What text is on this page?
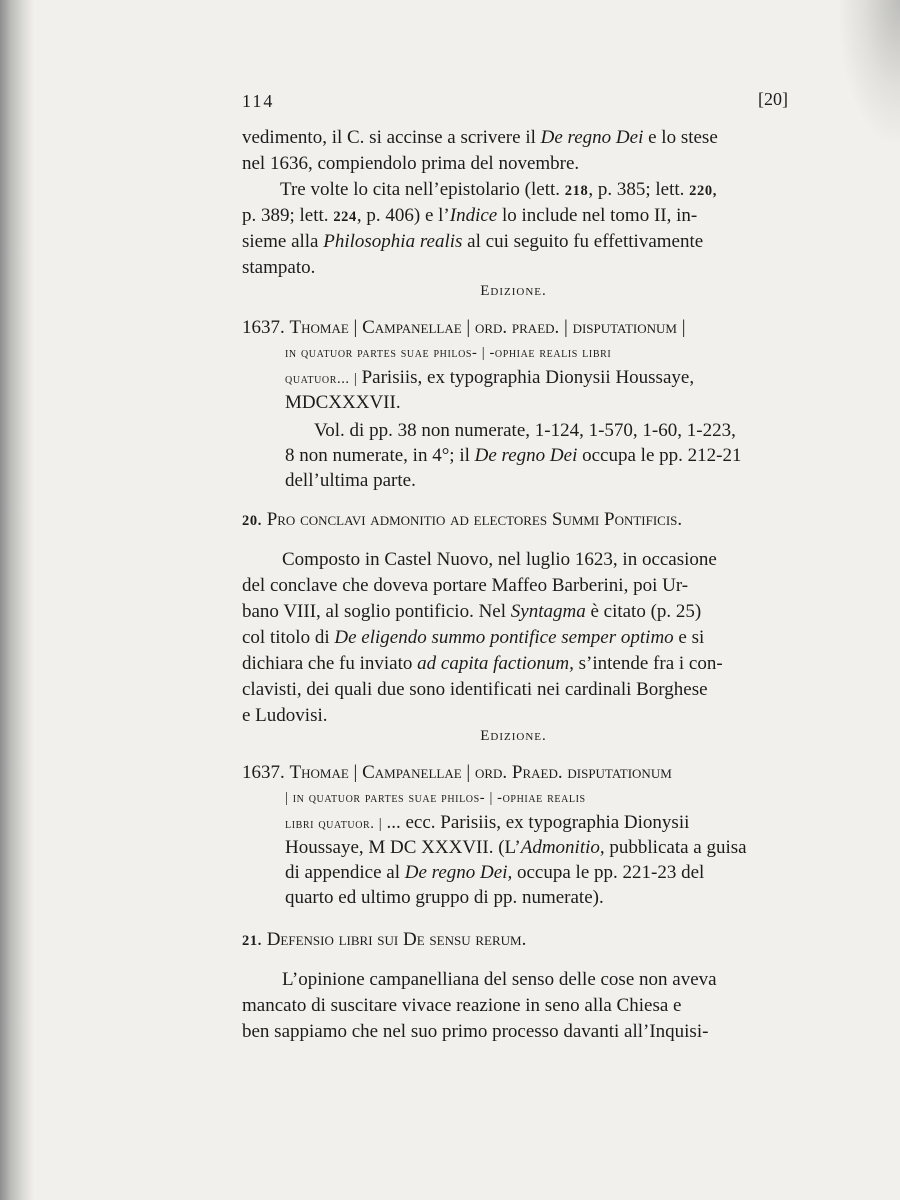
114	[20]
vedimento, il C. si accinse a scrivere il De regno Dei e lo stese
nel 1636, compiendolo prima del novembre.
Tre volte lo cita nell’epistolario (lett. 218, p. 385; lett. 220,
p. 389; lett. 224, p. 406) e l’Indice lo include nel tomo II, in-
sieme alla Philosophia realis al cui seguito fu effettivamente
stampato.
Edizione.
1637. Thomae | Campanellae | ord. praed. | disputationum |
in quatuor partes suae philos- | -ophiae realis libri
quatuor... | Parisiis, ex typographia Dionysii Houssaye,
MDCXXXVII.
Vol. di pp. 38 non numerate, 1-124, 1-570, 1-60, 1-223,
8 non numerate, in 4°; il De regno Dei occupa le pp. 212-21
dell’ultima parte.
20. Pro conclavi admonitio ad electores Summi Pontificis.
Composto in Castel Nuovo, nel luglio 1623, in occasione
del conclave che doveva portare Maffeo Barberini, poi Ur-
bano VIII, al soglio pontificio. Nel Syntagma è citato (p. 25)
col titolo di De eligendo summo pontifice semper optimo e si
dichiara che fu inviato ad capita factionum, s’intende fra i con-
clavisti, dei quali due sono identificati nei cardinali Borghese
e Ludovisi.
Edizione.
1637. Thomae | Campanellae | ord. Praed. disputationum
| in quatuor partes suae philos- | -ophiae realis
libri quatuor. | ... ecc. Parisiis, ex typographia Dionysii
Houssaye, M DC XXXVII. (L’Admonitio, pubblicata a guisa
di appendice al De regno Dei, occupa le pp. 221-23 del
quarto ed ultimo gruppo di pp. numerate).
21. Defensio libri sui De sensu rerum.
L’opinione campanelliana del senso delle cose non aveva
mancato di suscitare vivace reazione in seno alla Chiesa e
ben sappiamo che nel suo primo processo davanti all’Inquisi-
